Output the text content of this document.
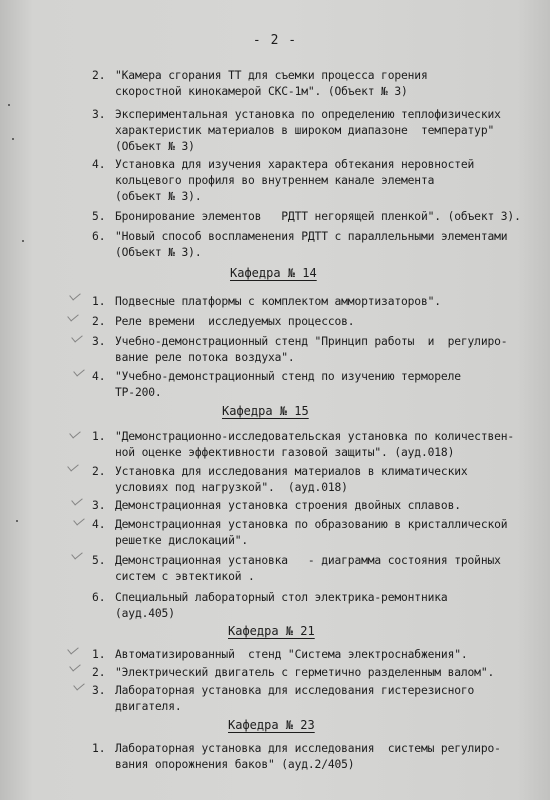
- 2 -
2. "Камера сгорания ТТ для съемки процесса горения
скоростной кинокамерой СКС-1м". (Объект № 3)
3. Экспериментальная установка по определению теплофизических
характеристик материалов в широком диапазоне  температур"
(Объект № 3)
4. Установка для изучения характера обтекания неровностей
кольцевого профиля во внутреннем канале элемента
(объект № 3).
5. Бронирование элементов   РДТТ негорящей пленкой". (объект 3).
6. "Новый способ воспламенения РДТТ с параллельными элементами
(Объект № 3).
Кафедра № 14
1. Подвесные платформы с комплектом аммортизаторов".
2. Реле времени  исследуемых процессов.
3. Учебно-демонстрационный стенд "Принцип работы  и  регулиро-
вание реле потока воздуха".
4. "Учебно-демонстрационный стенд по изучению термореле
ТР-200.
Кафедра № 15
1. "Демонстрационно-исследовательская установка по количествен-
ной оценке эффективности газовой защиты". (ауд.018)
2. Установка для исследования материалов в климатических
условиях под нагрузкой".  (ауд.018)
3. Демонстрационная установка строения двойных сплавов.
4. Демонстрационная установка по образованию в кристаллической
решетке дислокаций".
5. Демонстрационная установка   - диаграмма состояния тройных
систем с эвтектикой .
6. Специальный лабораторный стол электрика-ремонтника
(ауд.405)
Кафедра № 21
1. Автоматизированный  стенд "Система электроснабжения".
2. "Электрический двигатель с герметично разделенным валом".
3. Лабораторная установка для исследования гистерезисного
двигателя.
Кафедра № 23
1. Лабораторная установка для исследования  системы регулиро-
вания опорожнения баков" (ауд.2/405)
